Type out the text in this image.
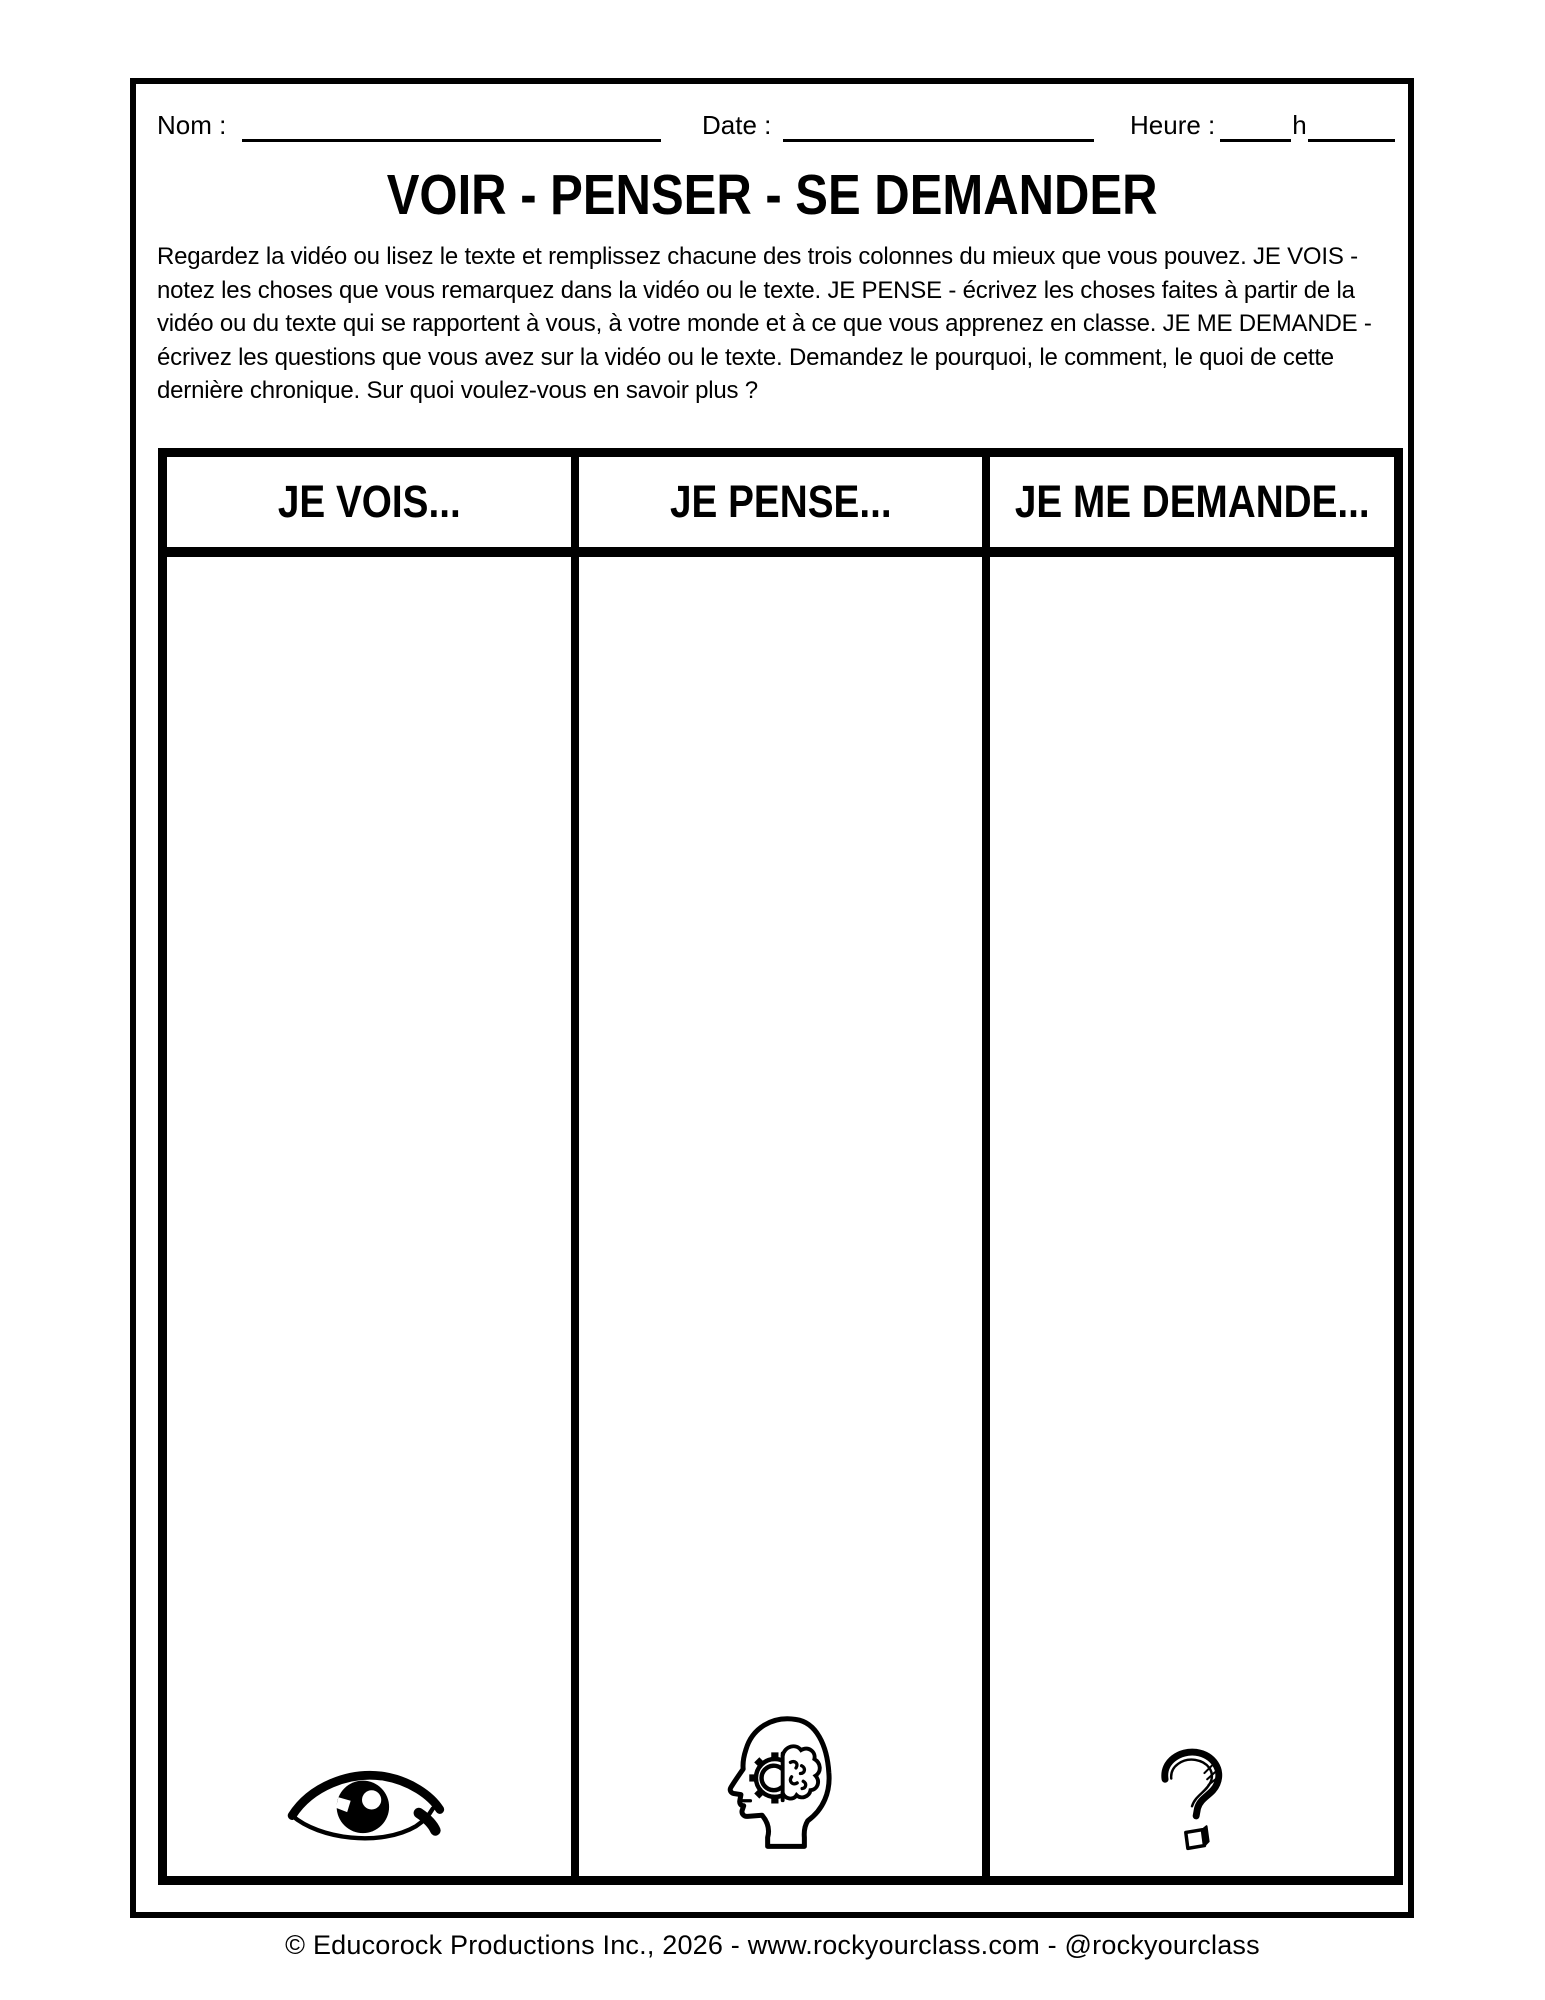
Nom :	Date :	Heure :	h
VOIR - PENSER - SE DEMANDER

Regardez la vidéo ou lisez le texte et remplissez chacune des trois colonnes du mieux que vous pouvez. JE VOIS - notez les choses que vous remarquez dans la vidéo ou le texte. JE PENSE - écrivez les choses faites à partir de la vidéo ou du texte qui se rapportent à vous, à votre monde et à ce que vous apprenez en classe. JE ME DEMANDE - écrivez les questions que vous avez sur la vidéo ou le texte. Demandez le pourquoi, le comment, le quoi de cette dernière chronique. Sur quoi voulez-vous en savoir plus ?

JE VOIS...	JE PENSE...	JE ME DEMANDE...
© Educorock Productions Inc., 2026 - www.rockyourclass.com - @rockyourclass
